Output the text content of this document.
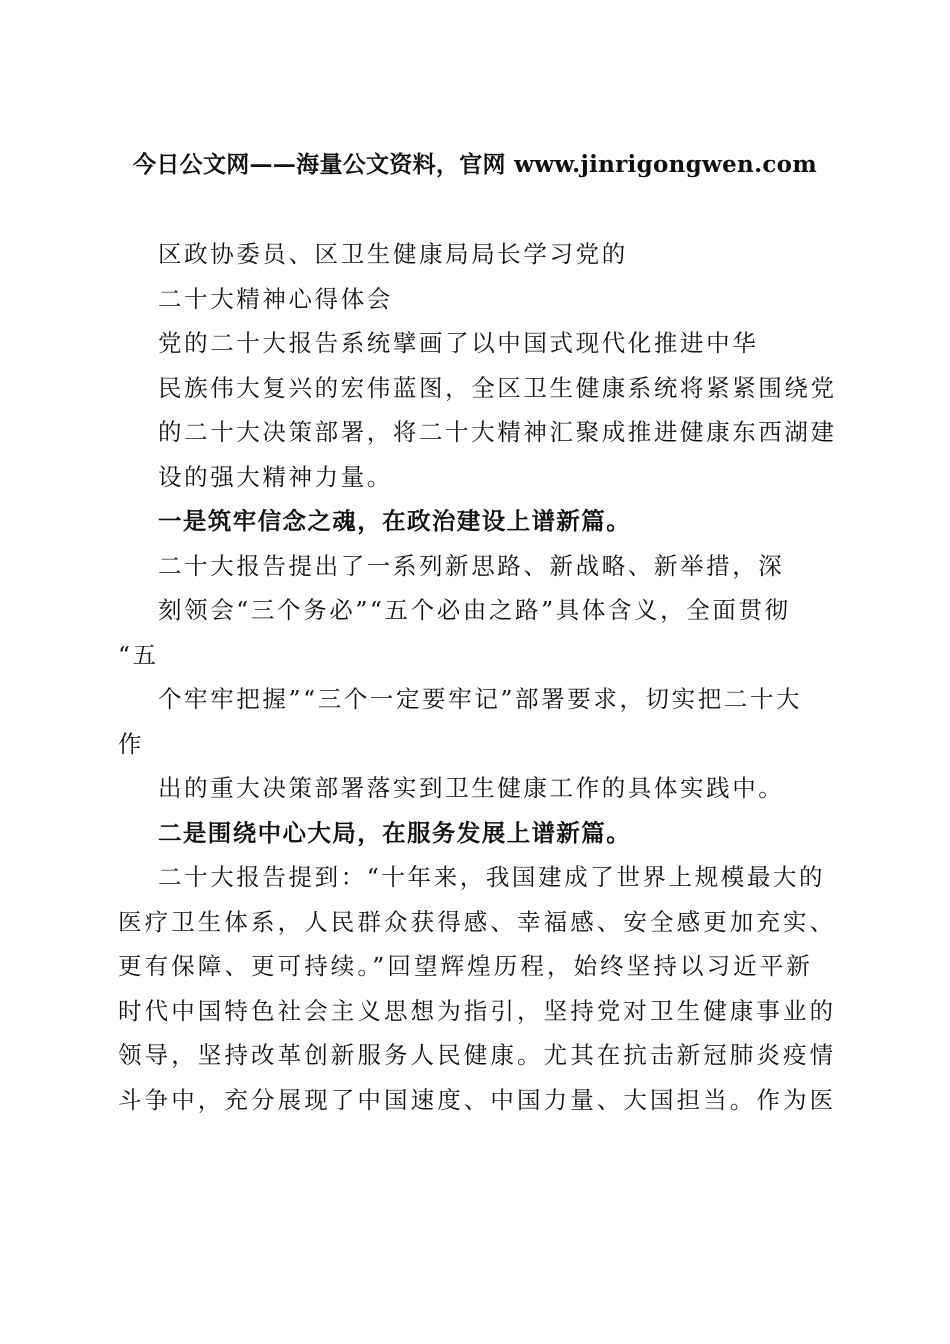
今日公文网——海量公文资料，官网 www.jinrigongwen.com
区政协委员、区卫生健康局局长学习党的
二十大精神心得体会
党的二十大报告系统擘画了以中国式现代化推进中华
民族伟大复兴的宏伟蓝图，全区卫生健康系统将紧紧围绕党
的二十大决策部署，将二十大精神汇聚成推进健康东西湖建
设的强大精神力量。
一是筑牢信念之魂，在政治建设上谱新篇。
二十大报告提出了一系列新思路、新战略、新举措，深
刻领会“三个务必”“五个必由之路”具体含义，全面贯彻
“五
个牢牢把握”“三个一定要牢记”部署要求，切实把二十大
作
出的重大决策部署落实到卫生健康工作的具体实践中。
二是围绕中心大局，在服务发展上谱新篇。
二十大报告提到：“十年来，我国建成了世界上规模最大的
医疗卫生体系，人民群众获得感、幸福感、安全感更加充实、
更有保障、更可持续。”回望辉煌历程，始终坚持以习近平新
时代中国特色社会主义思想为指引，坚持党对卫生健康事业的
领导，坚持改革创新服务人民健康。尤其在抗击新冠肺炎疫情
斗争中，充分展现了中国速度、中国力量、大国担当。作为医
